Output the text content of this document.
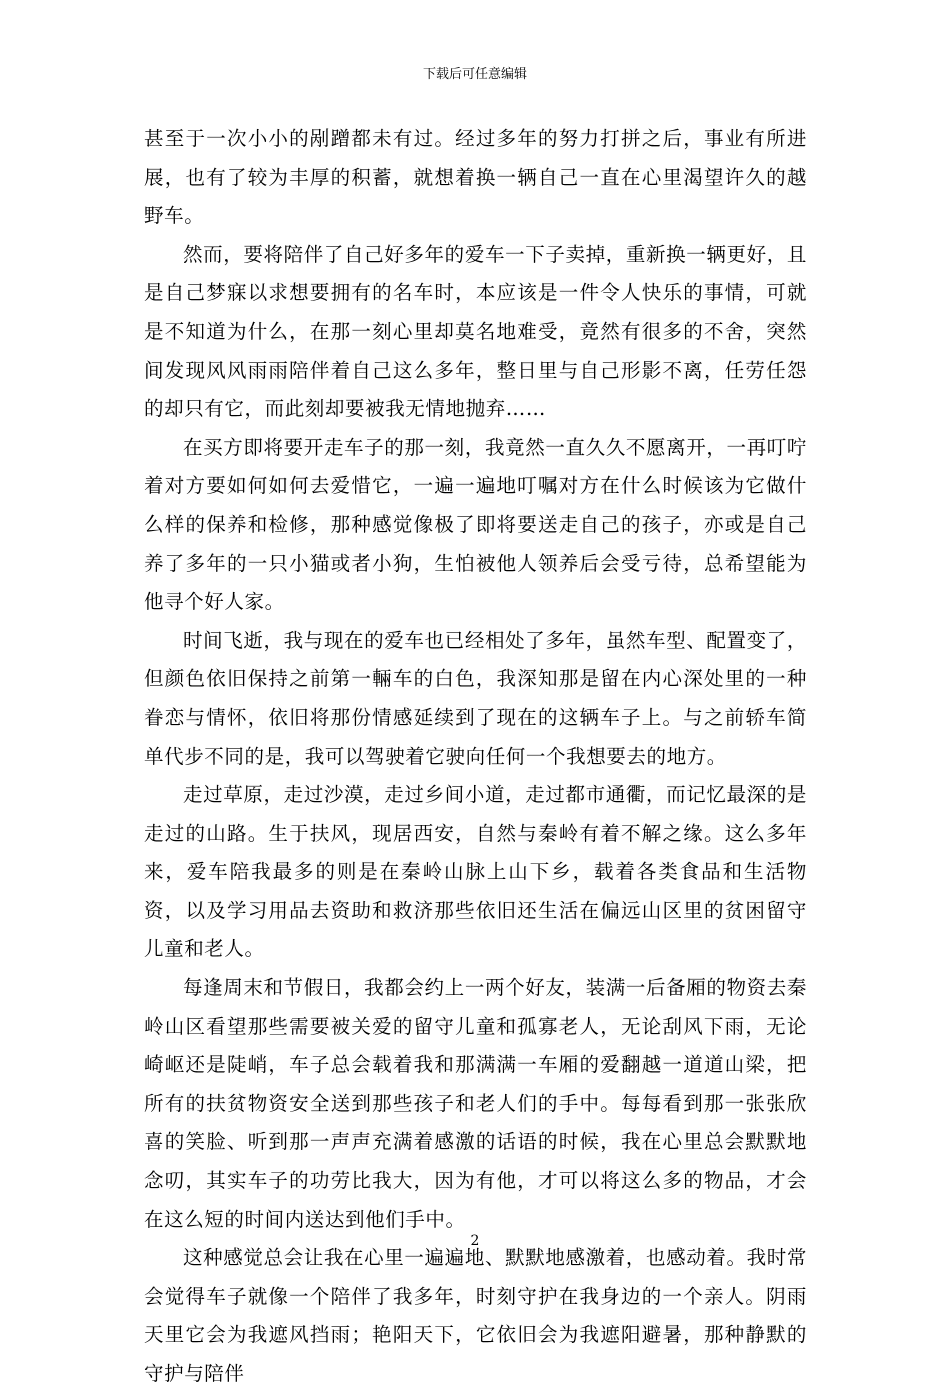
下载后可任意编辑

甚至于一次小小的剐蹭都未有过。经过多年的努力打拼之后，事业有所进展，也有了较为丰厚的积蓄，就想着换一辆自己一直在心里渴望许久的越野车。

然而，要将陪伴了自己好多年的爱车一下子卖掉，重新换一辆更好，且是自己梦寐以求想要拥有的名车时，本应该是一件令人快乐的事情，可就是不知道为什么，在那一刻心里却莫名地难受，竟然有很多的不舍，突然间发现风风雨雨陪伴着自己这么多年，整日里与自己形影不离，任劳任怨的却只有它，而此刻却要被我无情地抛弃……

在买方即将要开走车子的那一刻，我竟然一直久久不愿离开，一再叮咛着对方要如何如何去爱惜它，一遍一遍地叮嘱对方在什么时候该为它做什么样的保养和检修，那种感觉像极了即将要送走自己的孩子，亦或是自己养了多年的一只小猫或者小狗，生怕被他人领养后会受亏待，总希望能为他寻个好人家。

时间飞逝，我与现在的爱车也已经相处了多年，虽然车型、配置变了，但颜色依旧保持之前第一輛车的白色，我深知那是留在内心深处里的一种眷恋与情怀，依旧将那份情感延续到了现在的这辆车子上。与之前轿车简单代步不同的是，我可以驾驶着它驶向任何一个我想要去的地方。

走过草原，走过沙漠，走过乡间小道，走过都市通衢，而记忆最深的是走过的山路。生于扶风，现居西安，自然与秦岭有着不解之缘。这么多年来，爱车陪我最多的则是在秦岭山脉上山下乡，载着各类食品和生活物资，以及学习用品去资助和救济那些依旧还生活在偏远山区里的贫困留守儿童和老人。

每逢周末和节假日，我都会约上一两个好友，装满一后备厢的物资去秦岭山区看望那些需要被关爱的留守儿童和孤寡老人，无论刮风下雨，无论崎岖还是陡峭，车子总会载着我和那满满一车厢的爱翻越一道道山梁，把所有的扶贫物资安全送到那些孩子和老人们的手中。每每看到那一张张欣喜的笑脸、听到那一声声充满着感激的话语的时候，我在心里总会默默地念叨，其实车子的功劳比我大，因为有他，才可以将这么多的物品，才会在这么短的时间内送达到他们手中。

这种感觉总会让我在心里一遍遍地、默默地感激着，也感动着。我时常会觉得车子就像一个陪伴了我多年，时刻守护在我身边的一个亲人。阴雨天里它会为我遮风挡雨；艳阳天下，它依旧会为我遮阳避暑，那种静默的守护与陪伴

2
